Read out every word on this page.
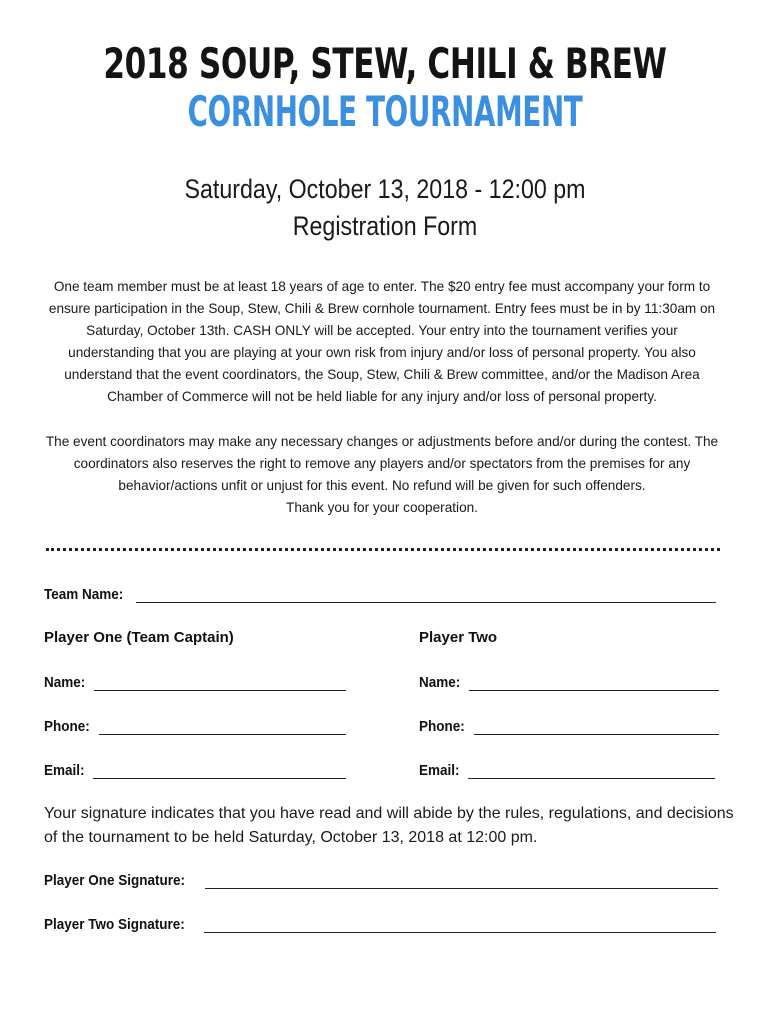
2018 SOUP, STEW, CHILI & BREW
CORNHOLE TOURNAMENT
Saturday, October 13, 2018 - 12:00 pm
Registration Form

One team member must be at least 18 years of age to enter. The $20 entry fee must accompany your form to ensure participation in the Soup, Stew, Chili & Brew cornhole tournament. Entry fees must be in by 11:30am on Saturday, October 13th. CASH ONLY will be accepted. Your entry into the tournament verifies your understanding that you are playing at your own risk from injury and/or loss of personal property. You also understand that the event coordinators, the Soup, Stew, Chili & Brew committee, and/or the Madison Area Chamber of Commerce will not be held liable for any injury and/or loss of personal property.

The event coordinators may make any necessary changes or adjustments before and/or during the contest. The coordinators also reserves the right to remove any players and/or spectators from the premises for any behavior/actions unfit or unjust for this event. No refund will be given for such offenders.
Thank you for your cooperation.
Team Name:
Player One (Team Captain)	Player Two
Name:
Phone:
Email:
Name:
Phone:
Email:

Your signature indicates that you have read and will abide by the rules, regulations, and decisions of the tournament to be held Saturday, October 13, 2018 at 12:00 pm.

Player One Signature:
Player Two Signature:
